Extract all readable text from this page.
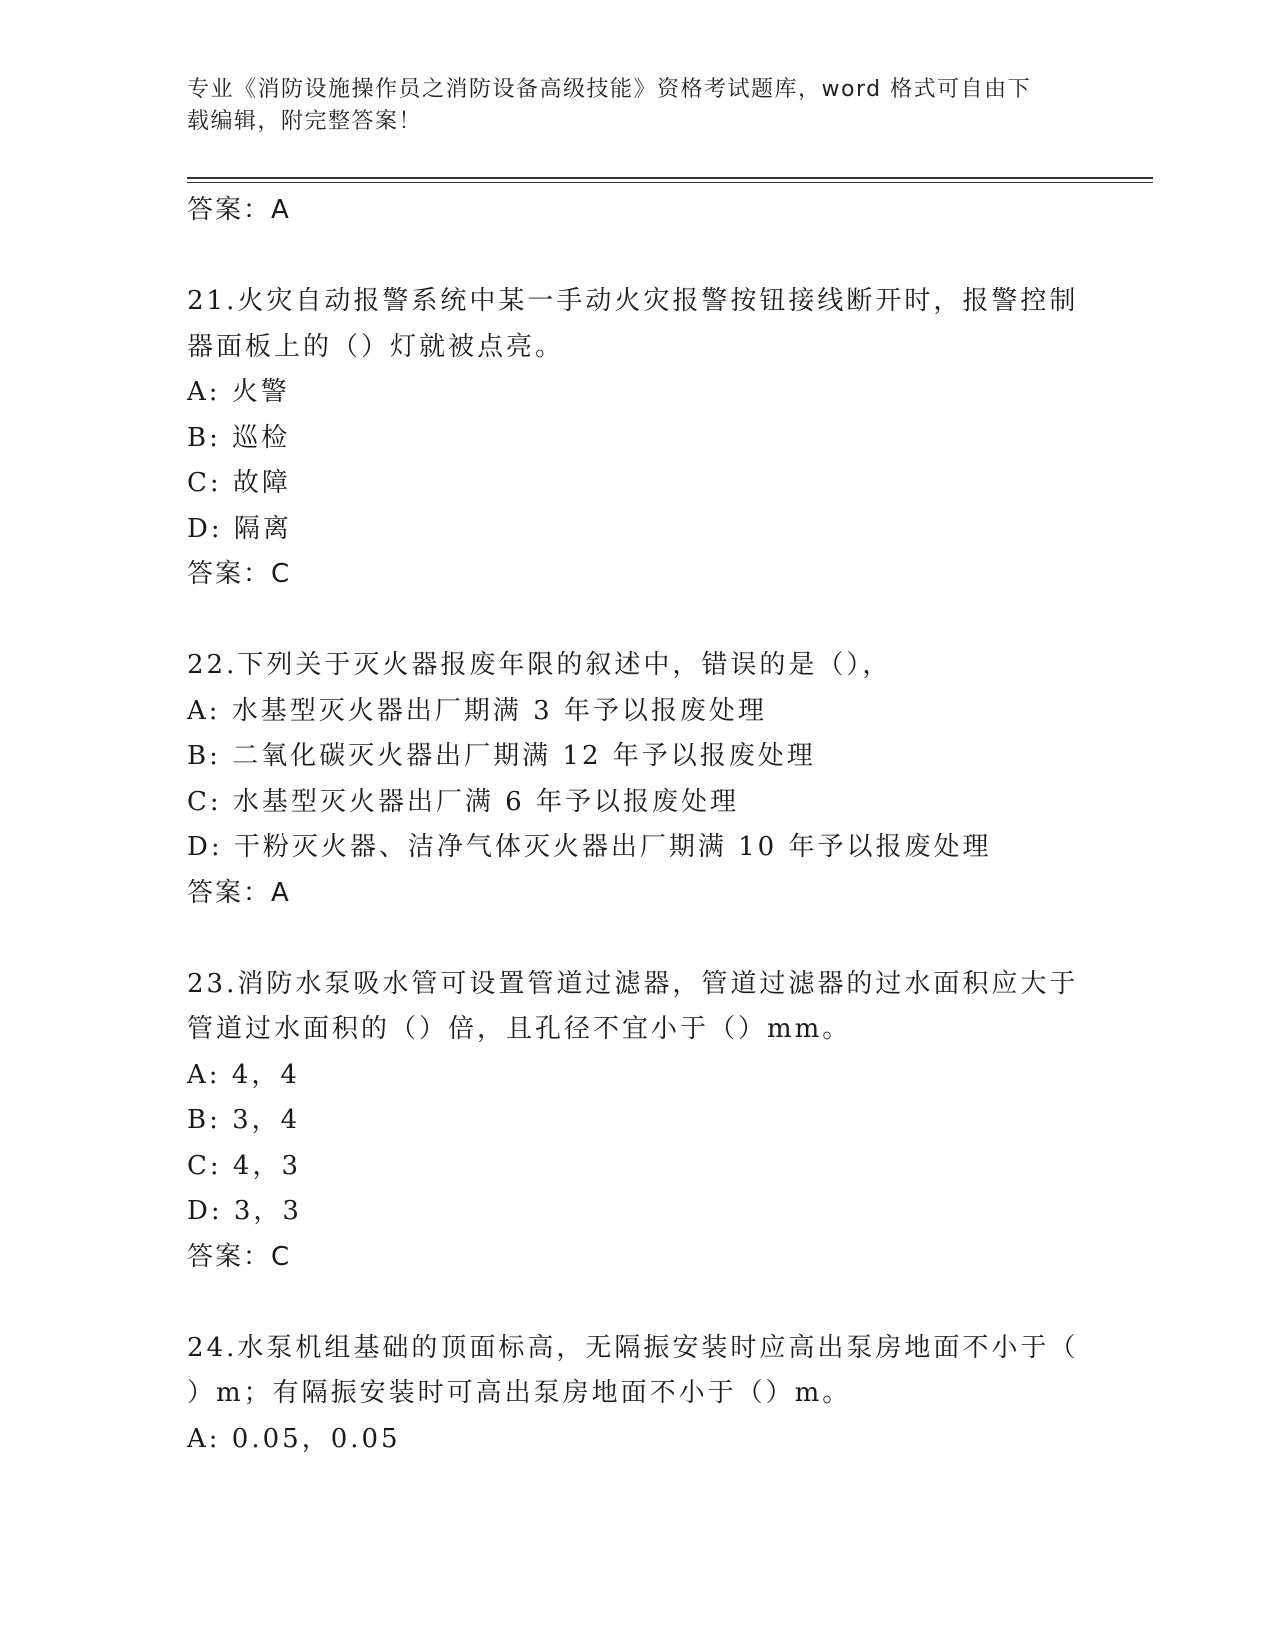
专业《消防设施操作员之消防设备高级技能》资格考试题库，word 格式可自由下
载编辑，附完整答案！
答案：A
21.火灾自动报警系统中某一手动火灾报警按钮接线断开时，报警控制
器面板上的（）灯就被点亮。
A: 火警
B: 巡检
C: 故障
D: 隔离
答案：C
22.下列关于灭火器报废年限的叙述中，错误的是（），
A: 水基型灭火器出厂期满 3 年予以报废处理
B: 二氧化碳灭火器出厂期满 12 年予以报废处理
C: 水基型灭火器出厂满 6 年予以报废处理
D: 干粉灭火器、洁净气体灭火器出厂期满 10 年予以报废处理
答案：A
23.消防水泵吸水管可设置管道过滤器，管道过滤器的过水面积应大于
管道过水面积的（）倍，且孔径不宜小于（）mm。
A: 4，4
B: 3，4
C: 4，3
D: 3，3
答案：C
24.水泵机组基础的顶面标高，无隔振安装时应高出泵房地面不小于（
）m；有隔振安装时可高出泵房地面不小于（）m。
A: 0.05，0.05
